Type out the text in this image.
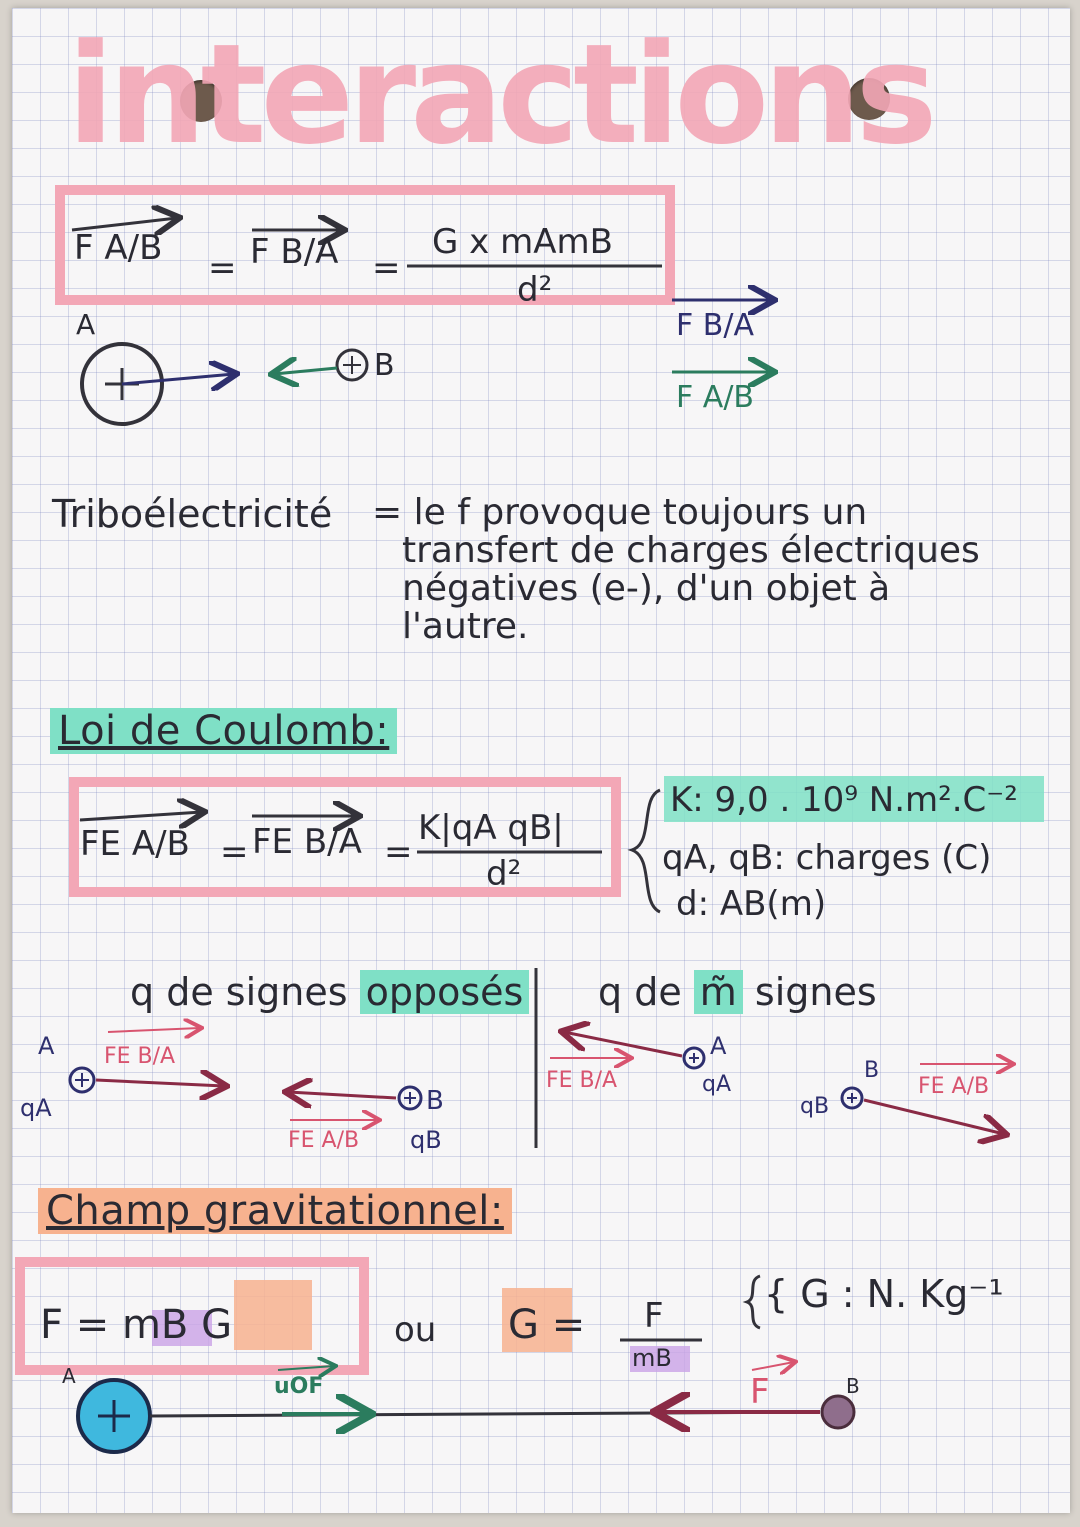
interactions
F A/B = F B/A =
G x mAmB
d²
A
B
F B/A
F A/B
Triboélectricité = le f provoque toujours un
transfert de charges électriques
négatives (e-), d'un objet à
l'autre.
Loi de Coulomb:
FE A/B = FE B/A =
K|qA qB|
d²
K: 9,0 . 10⁹ N.m².C⁻²
qA, qB: charges (C)
d: AB(m)
q de signes opposés q de m̃ signes
A
qA
FE B/A
B
qB
FE A/B
A
qA
FE B/A	B
qB
FE A/B
Champ gravitationnel:
F = mB G	ou G = F
mB
{ G : N. Kg⁻¹
A	B
uOF	F
